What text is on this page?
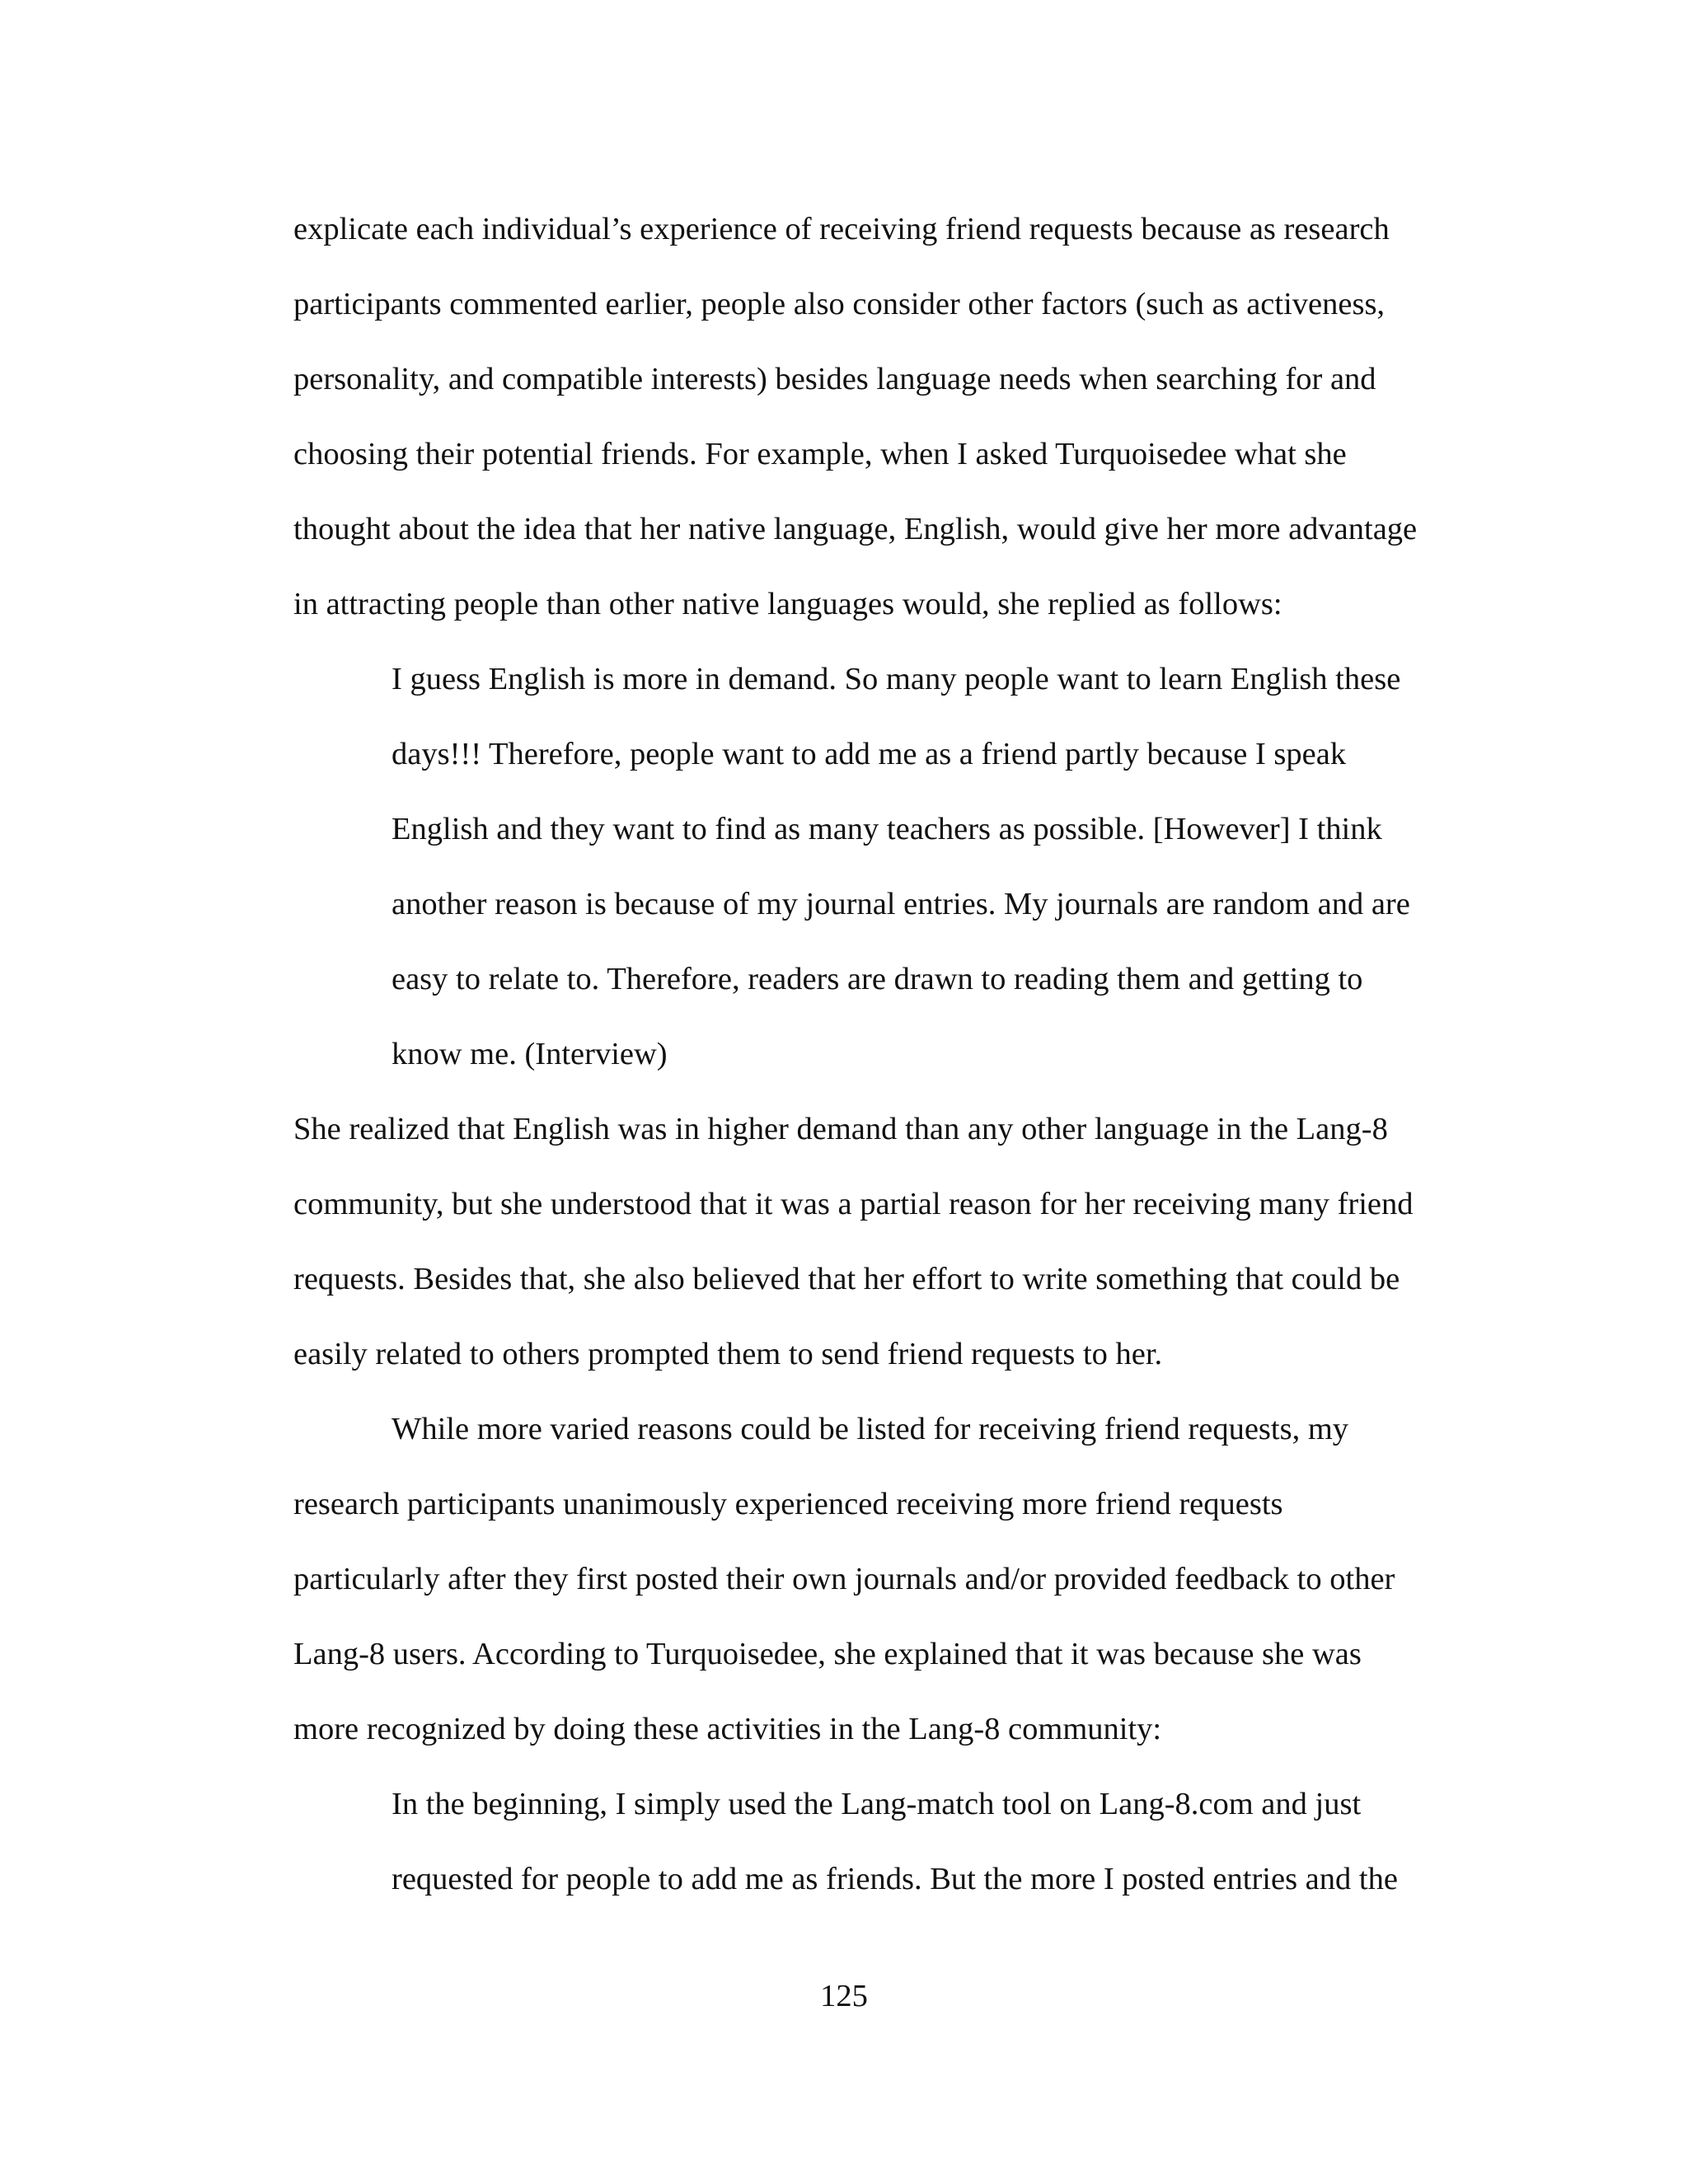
explicate each individual’s experience of receiving friend requests because as research
participants commented earlier, people also consider other factors (such as activeness,
personality, and compatible interests) besides language needs when searching for and
choosing their potential friends. For example, when I asked Turquoisedee what she
thought about the idea that her native language, English, would give her more advantage
in attracting people than other native languages would, she replied as follows:
I guess English is more in demand. So many people want to learn English these
days!!! Therefore, people want to add me as a friend partly because I speak
English and they want to find as many teachers as possible. [However] I think
another reason is because of my journal entries. My journals are random and are
easy to relate to. Therefore, readers are drawn to reading them and getting to
know me. (Interview)
She realized that English was in higher demand than any other language in the Lang-8
community, but she understood that it was a partial reason for her receiving many friend
requests. Besides that, she also believed that her effort to write something that could be
easily related to others prompted them to send friend requests to her.
While more varied reasons could be listed for receiving friend requests, my
research participants unanimously experienced receiving more friend requests
particularly after they first posted their own journals and/or provided feedback to other
Lang-8 users. According to Turquoisedee, she explained that it was because she was
more recognized by doing these activities in the Lang-8 community:
In the beginning, I simply used the Lang-match tool on Lang-8.com and just
requested for people to add me as friends. But the more I posted entries and the
125
